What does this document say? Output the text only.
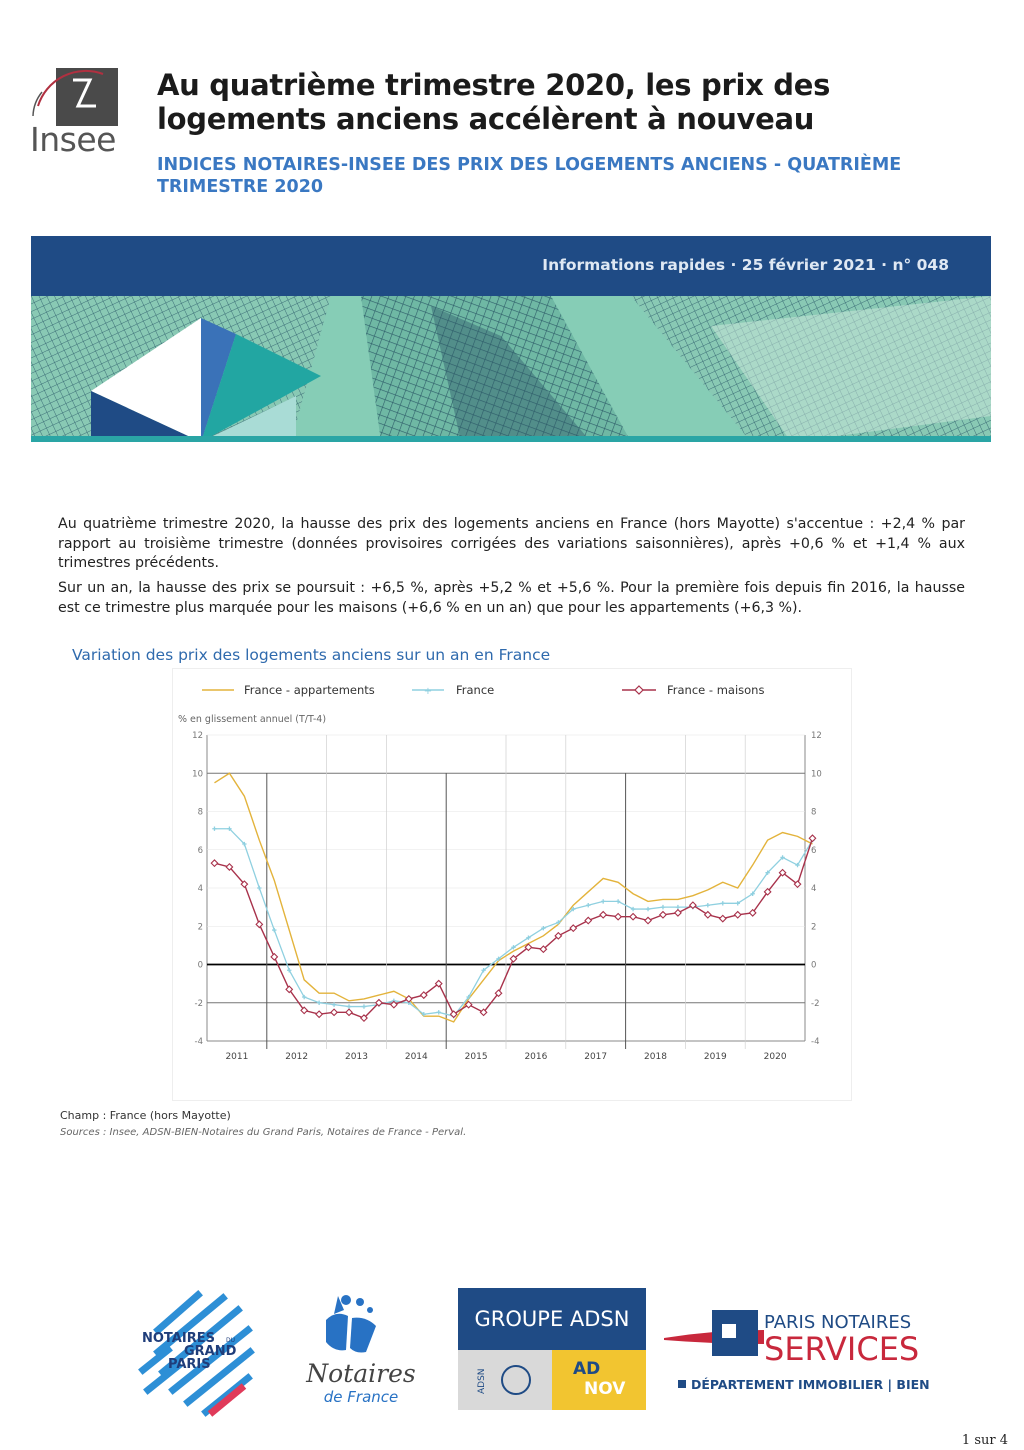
Insee
Au quatrième trimestre 2020, les prix des logements anciens accélèrent à nouveau
INDICES NOTAIRES-INSEE DES PRIX DES LOGEMENTS ANCIENS - QUATRIÈME TRIMESTRE 2020
Informations rapides · 25 février 2021 · n° 048
Au quatrième trimestre 2020, la hausse des prix des logements anciens en France (hors Mayotte) s'accentue : +2,4 % par rapport au troisième trimestre (données provisoires corrigées des variations saisonnières), après +0,6 % et +1,4 % aux trimestres précédents.
Sur un an, la hausse des prix se poursuit : +6,5 %, après +5,2 % et +5,6 %. Pour la première fois depuis fin 2016, la hausse est ce trimestre plus marquée pour les maisons (+6,6 % en un an) que pour les appartements (+6,3 %).
Variation des prix des logements anciens sur un an en France
France - appartements	+ France	France - maisons
% en glissement annuel (T/T-4)
12	12
10	10
8	8
6	6
4	4
2	2
0	0
-2	-2
-4	-4
2011	2012	2013	2014	2015	2016	2017	2018	2019	2020
Champ : France (hors Mayotte)
Sources : Insee, ADSN-BIEN-Notaires du Grand Paris, Notaires de France - Perval.
NOTAIRES DU
GRAND
PARIS	Notaires
de France
GROUPE ADSN
ADSN	AD
NOV
PARIS NOTAIRES
SERVICES
DÉPARTEMENT IMMOBILIER | BIEN
1 sur 4
